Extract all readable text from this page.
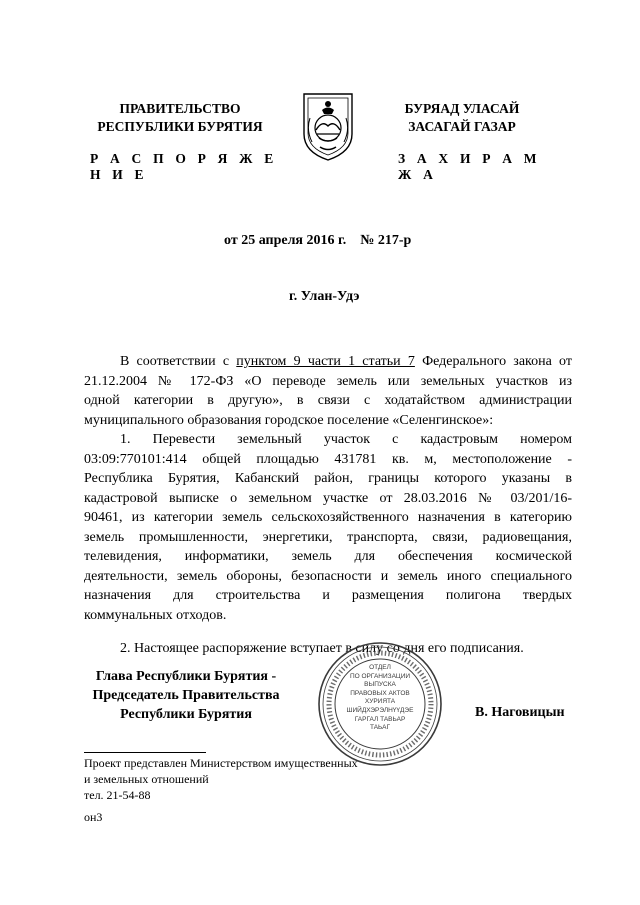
ПРАВИТЕЛЬСТВО
РЕСПУБЛИКИ БУРЯТИЯ
БУРЯАД УЛАСАЙ
ЗАСАГАЙ ГАЗАР
Р А С П О Р Я Ж Е Н И Е
З А Х И Р А М Ж А
от 25 апреля 2016 г. № 217-р
г. Улан-Удэ
В соответствии с пунктом 9 части 1 статьи 7 Федерального закона от
21.12.2004 № 172-ФЗ «О переводе земель или земельных участков из
одной категории в другую», в связи с ходатайством администрации
муниципального образования городское поселение «Селенгинское»:
1. Перевести земельный участок с кадастровым номером
03:09:770101:414 общей площадью 431781 кв. м, местоположение -
Республика Бурятия, Кабанский район, границы которого указаны в
кадастровой выписке о земельном участке от 28.03.2016 № 03/201/16-
90461, из категории земель сельскохозяйственного назначения в категорию
земель промышленности, энергетики, транспорта, связи, радиовещания,
телевидения, информатики, земель для обеспечения космической
деятельности, земель обороны, безопасности и земель иного специального
назначения для строительства и размещения полигона твердых
коммунальных отходов.
2. Настоящее распоряжение вступает в силу со дня его подписания.
Глава Республики Бурятия -
Председатель Правительства
Республики Бурятия
ОТДЕЛ
ПО ОРГАНИЗАЦИИ
ВЫПУСКА
ПРАВОВЫХ АКТОВ
ХУРИЯТА
ШИЙДХЭРЭЛНҮҮДЭЕ
ГАРГАЛ ТАВЬАР
ТАЬАГ
В. Наговицын
Проект представлен Министерством имущественных
и земельных отношений
тел. 21-54-88
он3
